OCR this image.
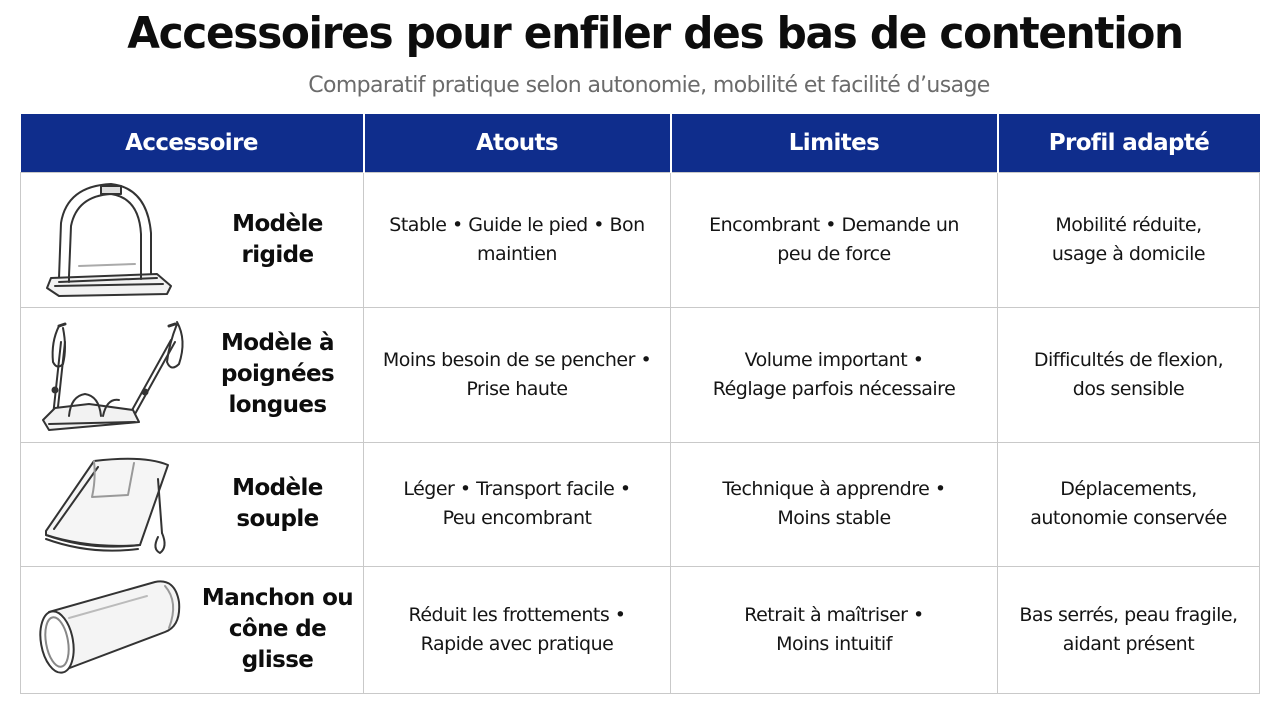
Accessoires pour enfiler des bas de contention
Comparatif pratique selon autonomie, mobilité et facilité d’usage
Accessoire	Atouts	Limites	Profil adapté

Modèle rigide	Stable • Guide le pied • Bon maintien	Encombrant • Demande un peu de force	Mobilité réduite, usage à domicile

Modèle à poignées longues	Moins besoin de se pencher • Prise haute	Volume important • Réglage parfois nécessaire	Difficultés de flexion, dos sensible

Modèle souple	Léger • Transport facile • Peu encombrant	Technique à apprendre • Moins stable	Déplacements, autonomie conservée

Manchon ou cône de glisse	Réduit les frottements • Rapide avec pratique	Retrait à maîtriser • Moins intuitif	Bas serrés, peau fragile, aidant présent
